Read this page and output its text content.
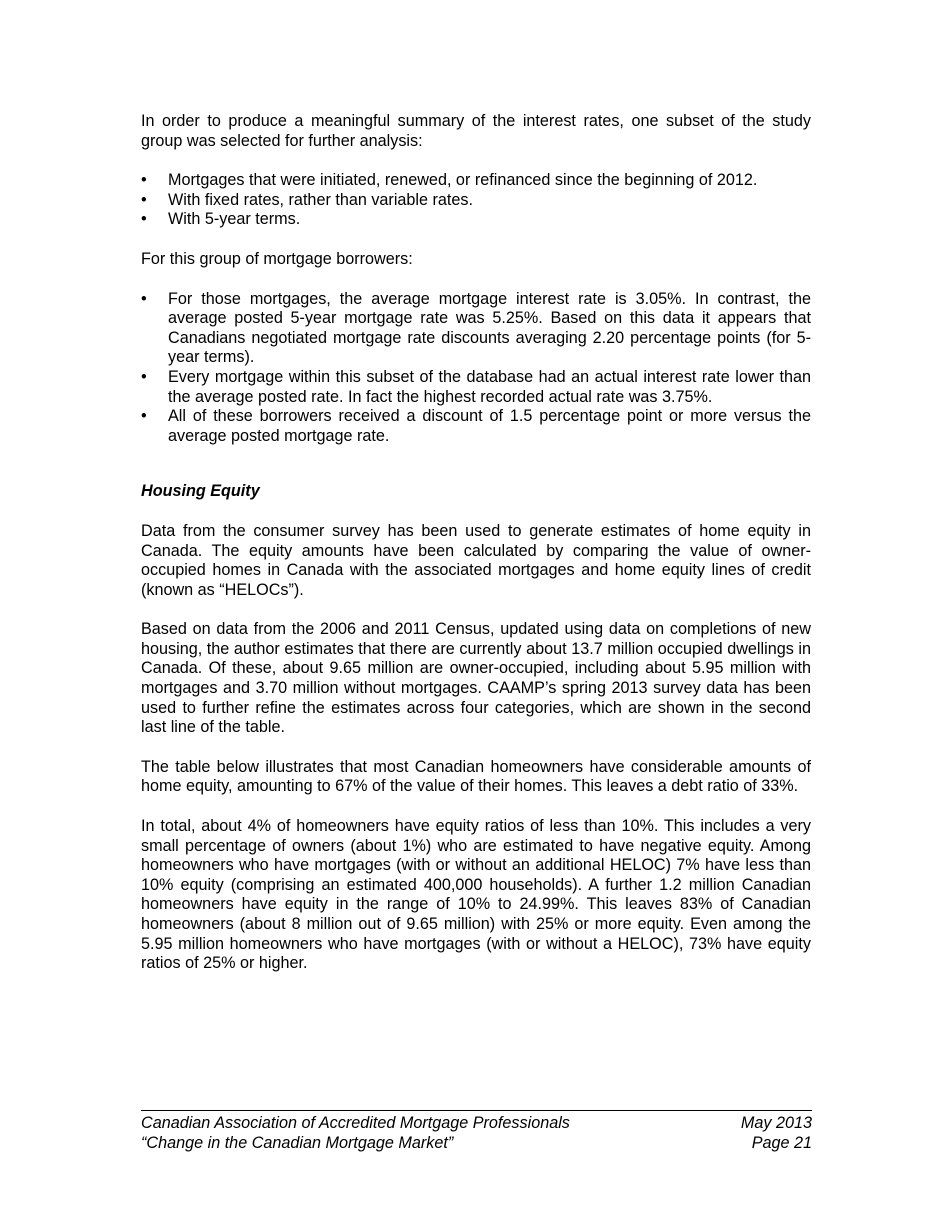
In order to produce a meaningful summary of the interest rates, one subset of the study group was selected for further analysis:

• Mortgages that were initiated, renewed, or refinanced since the beginning of 2012.
• With fixed rates, rather than variable rates.
• With 5-year terms.

For this group of mortgage borrowers:

• For those mortgages, the average mortgage interest rate is 3.05%. In contrast, the average posted 5-year mortgage rate was 5.25%. Based on this data it appears that Canadians negotiated mortgage rate discounts averaging 2.20 percentage points (for 5-year terms).
• Every mortgage within this subset of the database had an actual interest rate lower than the average posted rate. In fact the highest recorded actual rate was 3.75%.
• All of these borrowers received a discount of 1.5 percentage point or more versus the average posted mortgage rate.
Housing Equity

Data from the consumer survey has been used to generate estimates of home equity in Canada. The equity amounts have been calculated by comparing the value of owner-occupied homes in Canada with the associated mortgages and home equity lines of credit (known as “HELOCs”).

Based on data from the 2006 and 2011 Census, updated using data on completions of new housing, the author estimates that there are currently about 13.7 million occupied dwellings in Canada. Of these, about 9.65 million are owner-occupied, including about 5.95 million with mortgages and 3.70 million without mortgages. CAAMP’s spring 2013 survey data has been used to further refine the estimates across four categories, which are shown in the second last line of the table.

The table below illustrates that most Canadian homeowners have considerable amounts of home equity, amounting to 67% of the value of their homes. This leaves a debt ratio of 33%.

In total, about 4% of homeowners have equity ratios of less than 10%. This includes a very small percentage of owners (about 1%) who are estimated to have negative equity. Among homeowners who have mortgages (with or without an additional HELOC) 7% have less than 10% equity (comprising an estimated 400,000 households). A further 1.2 million Canadian homeowners have equity in the range of 10% to 24.99%. This leaves 83% of Canadian homeowners (about 8 million out of 9.65 million) with 25% or more equity. Even among the 5.95 million homeowners who have mortgages (with or without a HELOC), 73% have equity ratios of 25% or higher.

Canadian Association of Accredited Mortgage Professionals	May 2013
“Change in the Canadian Mortgage Market”	Page 21
